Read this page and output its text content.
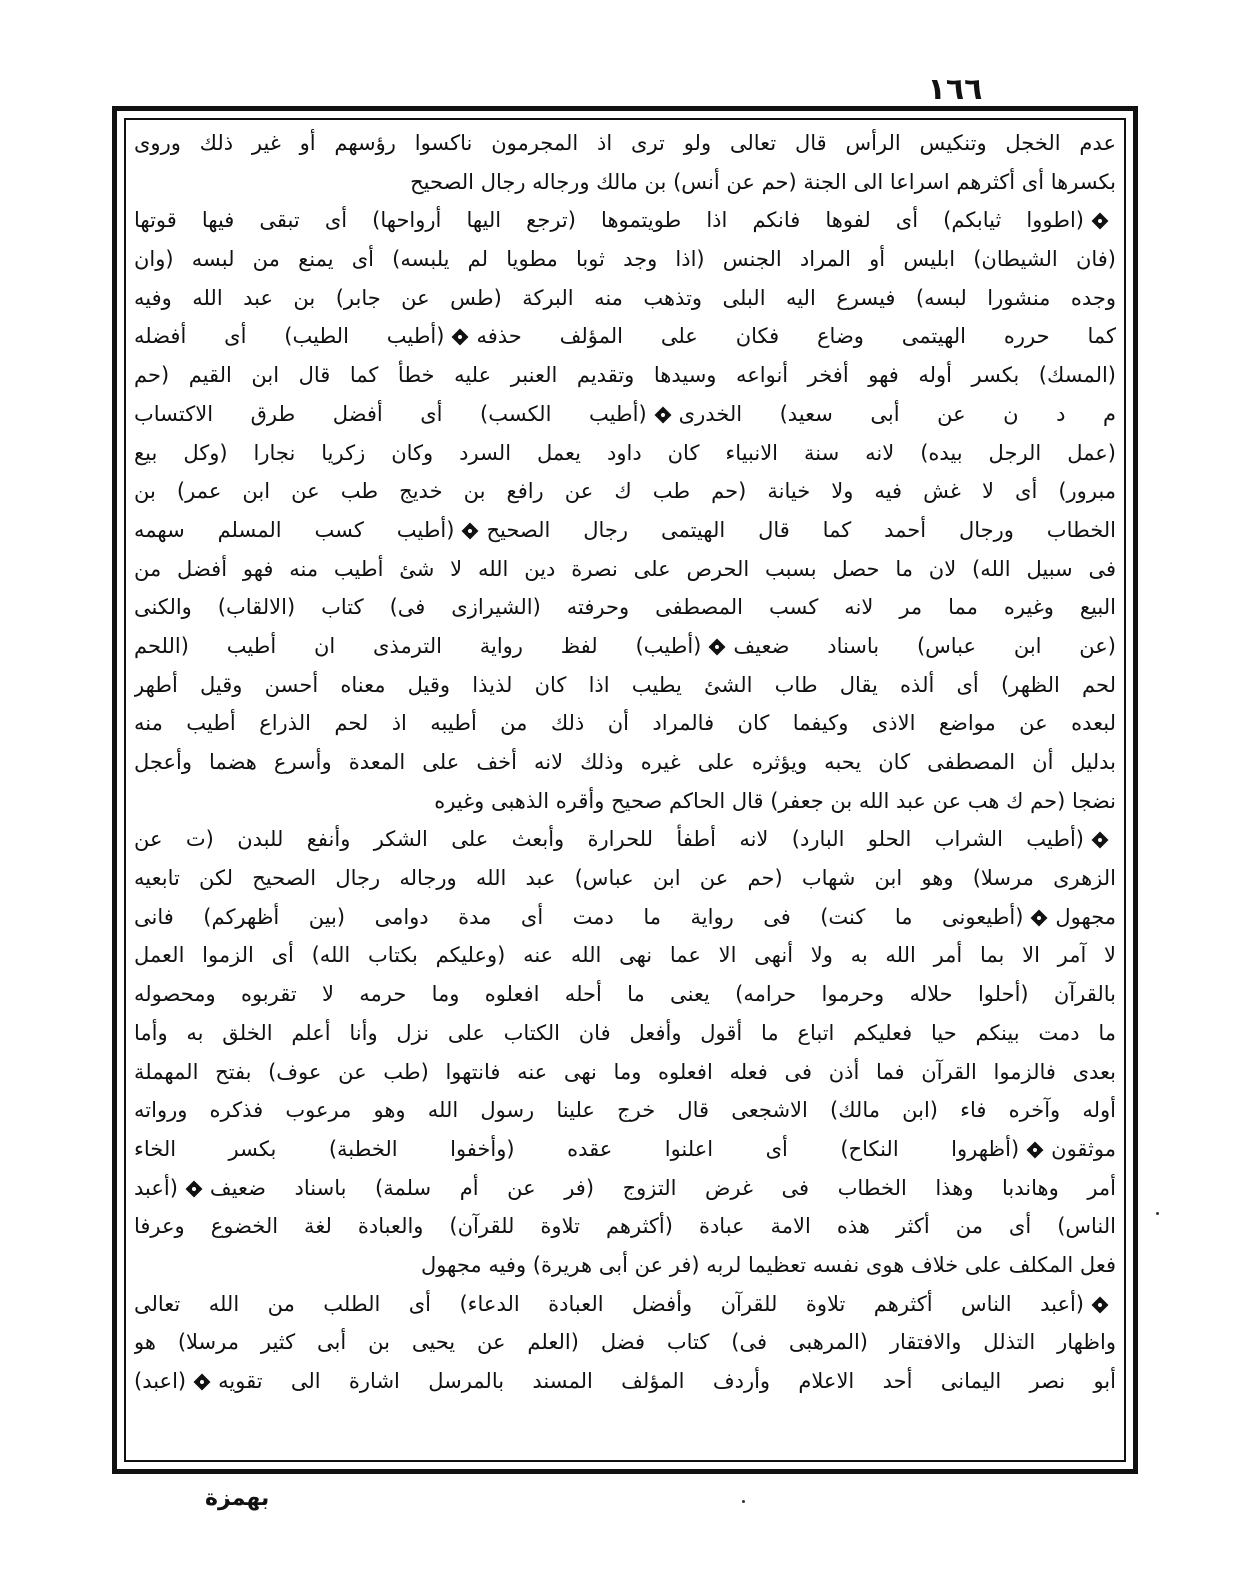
١٦٦
عدم الخجل وتنكيس الرأس قال تعالى ولو ترى اذ المجرمون ناكسوا رؤسهم أو غير ذلك وروى
بكسرها أى أكثرهم اسراعا الى الجنة (حم عن أنس) بن مالك ورجاله رجال الصحيح
(اطووا ثيابكم) أى لفوها فانكم اذا طويتموها (ترجع اليها أرواحها) أى تبقى فيها قوتها
(فان الشيطان) ابليس أو المراد الجنس (اذا وجد ثوبا مطويا لم يلبسه) أى يمنع من لبسه (وان
وجده منشورا لبسه) فيسرع اليه البلى وتذهب منه البركة (طس عن جابر) بن عبد الله وفيه
كما حرره الهيتمى وضاع فكان على المؤلف حذفه(أطيب الطيب) أى أفضله
(المسك) بكسر أوله فهو أفخر أنواعه وسيدها وتقديم العنبر عليه خطأ كما قال ابن القيم (حم
م د ن عن أبى سعيد) الخدرى(أطيب الكسب) أى أفضل طرق الاكتساب
(عمل الرجل بيده) لانه سنة الانبياء كان داود يعمل السرد وكان زكريا نجارا (وكل بيع
مبرور) أى لا غش فيه ولا خيانة (حم طب ك عن رافع بن خديج طب عن ابن عمر) بن
الخطاب ورجال أحمد كما قال الهيتمى رجال الصحيح(أطيب كسب المسلم سهمه
فى سبيل الله) لان ما حصل بسبب الحرص على نصرة دين الله لا شئ أطيب منه فهو أفضل من
البيع وغيره مما مر لانه كسب المصطفى وحرفته (الشيرازى فى) كتاب (الالقاب) والكنى
(عن ابن عباس) باسناد ضعيف(أطيب) لفظ رواية الترمذى ان أطيب (اللحم
لحم الظهر) أى ألذه يقال طاب الشئ يطيب اذا كان لذيذا وقيل معناه أحسن وقيل أطهر
لبعده عن مواضع الاذى وكيفما كان فالمراد أن ذلك من أطيبه اذ لحم الذراع أطيب منه
بدليل أن المصطفى كان يحبه ويؤثره على غيره وذلك لانه أخف على المعدة وأسرع هضما وأعجل
نضجا (حم ك هب عن عبد الله بن جعفر) قال الحاكم صحيح وأقره الذهبى وغيره
(أطيب الشراب الحلو البارد) لانه أطفأ للحرارة وأبعث على الشكر وأنفع للبدن (ت عن
الزهرى مرسلا) وهو ابن شهاب (حم عن ابن عباس) عبد الله ورجاله رجال الصحيح لكن تابعيه
مجهول(أطيعونى ما كنت) فى رواية ما دمت أى مدة دوامى (بين أظهركم) فانى
لا آمر الا بما أمر الله به ولا أنهى الا عما نهى الله عنه (وعليكم بكتاب الله) أى الزموا العمل
بالقرآن (أحلوا حلاله وحرموا حرامه) يعنى ما أحله افعلوه وما حرمه لا تقربوه ومحصوله
ما دمت بينكم حيا فعليكم اتباع ما أقول وأفعل فان الكتاب على نزل وأنا أعلم الخلق به وأما
بعدى فالزموا القرآن فما أذن فى فعله افعلوه وما نهى عنه فانتهوا (طب عن عوف) بفتح المهملة
أوله وآخره فاء (ابن مالك) الاشجعى قال خرج علينا رسول الله وهو مرعوب فذكره ورواته
موثقون(أظهروا النكاح) أى اعلنوا عقده (وأخفوا الخطبة) بكسر الخاء
أمر وهاندبا وهذا الخطاب فى غرض التزوج (فر عن أم سلمة) باسناد ضعيف(أعبد
الناس) أى من أكثر هذه الامة عبادة (أكثرهم تلاوة للقرآن) والعبادة لغة الخضوع وعرفا
فعل المكلف على خلاف هوى نفسه تعظيما لربه (فر عن أبى هريرة) وفيه مجهول
(أعبد الناس أكثرهم تلاوة للقرآن وأفضل العبادة الدعاء) أى الطلب من الله تعالى
واظهار التذلل والافتقار (المرهبى فى) كتاب فضل (العلم عن يحيى بن أبى كثير مرسلا) هو
أبو نصر اليمانى أحد الاعلام وأردف المؤلف المسند بالمرسل اشارة الى تقويه(اعبد)
بهمزة
